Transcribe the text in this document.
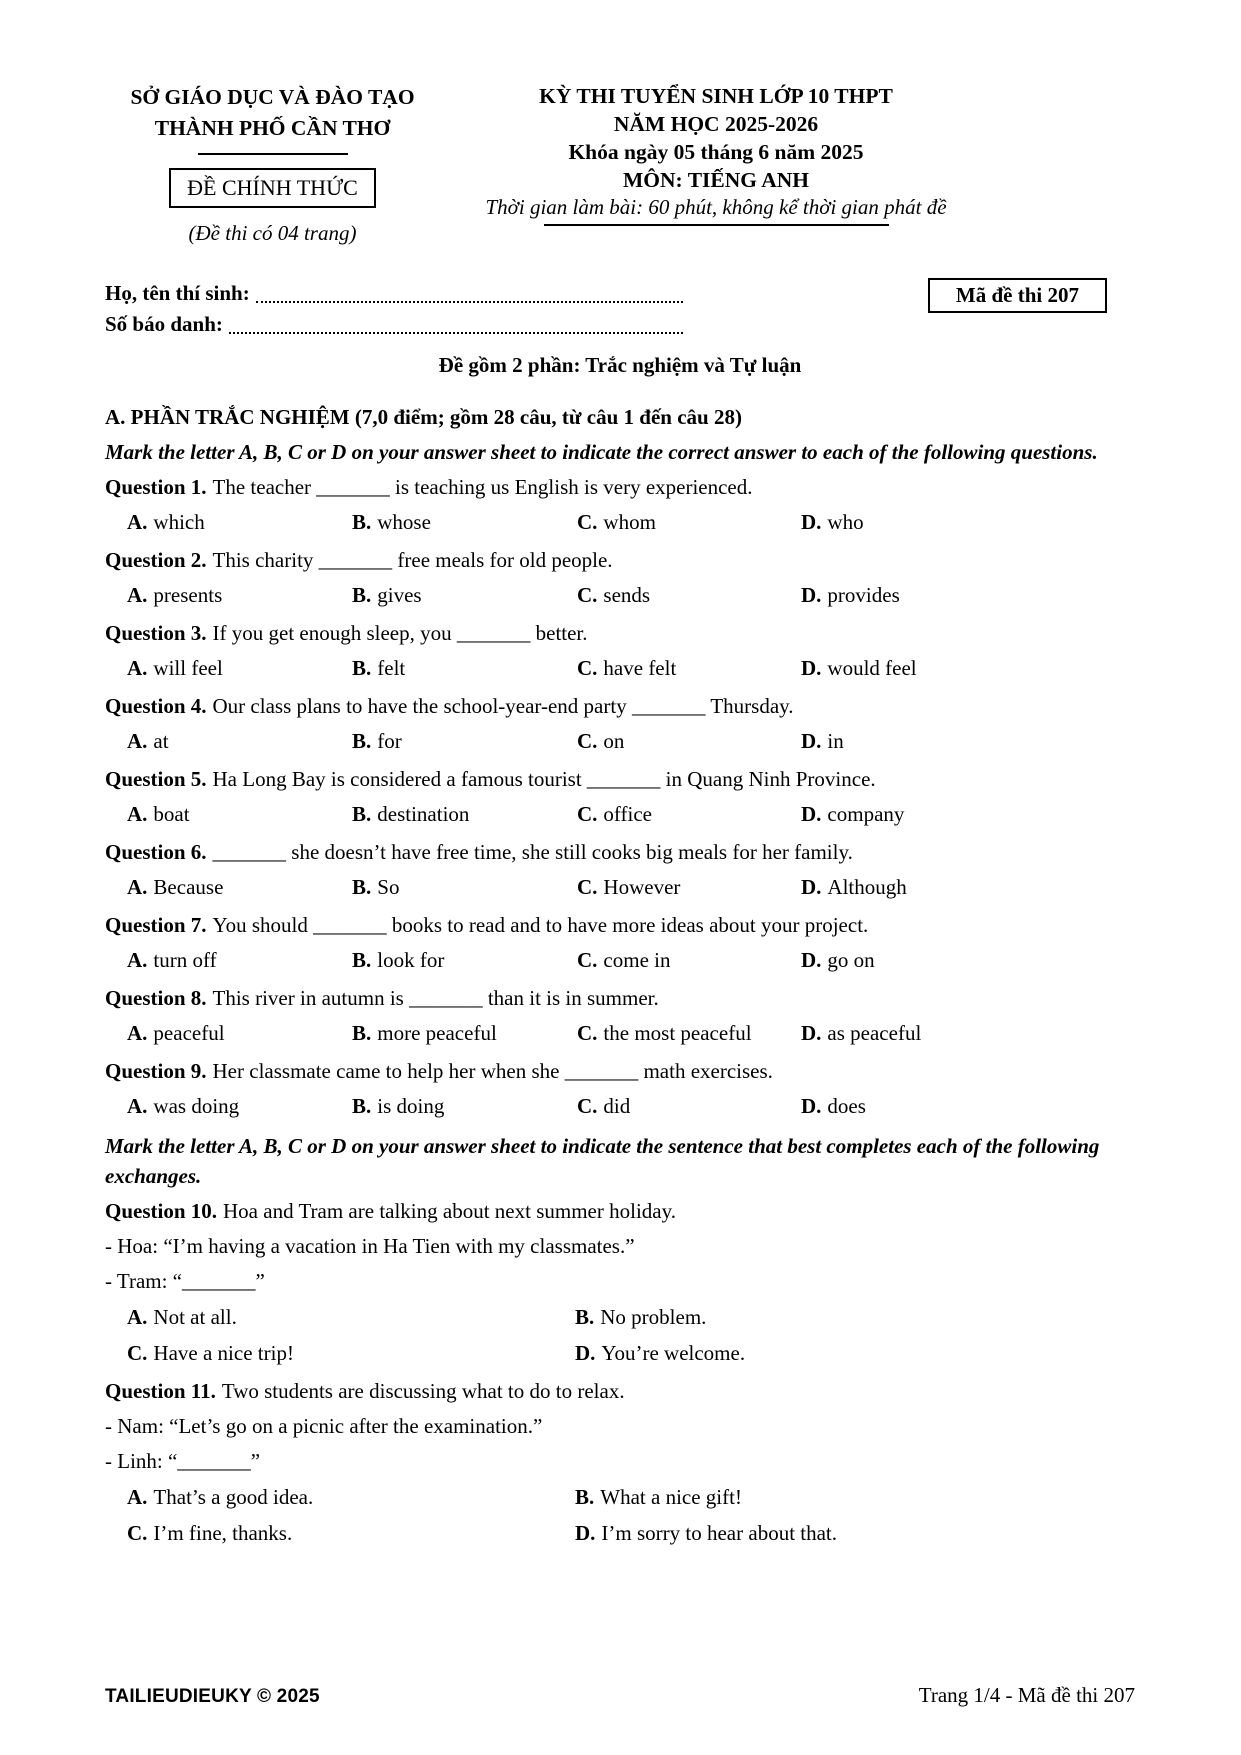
SỞ GIÁO DỤC VÀ ĐÀO TẠO
THÀNH PHỐ CẦN THƠ
ĐỀ CHÍNH THỨC
(Đề thi có 04 trang)
KỲ THI TUYỂN SINH LỚP 10 THPT
NĂM HỌC 2025-2026
Khóa ngày 05 tháng 6 năm 2025
MÔN: TIẾNG ANH
Thời gian làm bài: 60 phút, không kể thời gian phát đề
Họ, tên thí sinh:
Số báo danh:
Mã đề thi 207
Đề gồm 2 phần: Trắc nghiệm và Tự luận
A. PHẦN TRẮC NGHIỆM (7,0 điểm; gồm 28 câu, từ câu 1 đến câu 28)
Mark the letter A, B, C or D on your answer sheet to indicate the correct answer to each of the following questions.
Question 1. The teacher _______ is teaching us English is very experienced.
A. which	B. whose	C. whom	D. who
Question 2. This charity _______ free meals for old people.
A. presents	B. gives	C. sends	D. provides
Question 3. If you get enough sleep, you _______ better.
A. will feel	B. felt	C. have felt	D. would feel
Question 4. Our class plans to have the school-year-end party _______ Thursday.
A. at	B. for	C. on	D. in
Question 5. Ha Long Bay is considered a famous tourist _______ in Quang Ninh Province.
A. boat	B. destination	C. office	D. company
Question 6. _______ she doesn’t have free time, she still cooks big meals for her family.
A. Because	B. So	C. However	D. Although
Question 7. You should _______ books to read and to have more ideas about your project.
A. turn off	B. look for	C. come in	D. go on
Question 8. This river in autumn is _______ than it is in summer.
A. peaceful	B. more peaceful	C. the most peaceful	D. as peaceful
Question 9. Her classmate came to help her when she _______ math exercises.
A. was doing	B. is doing	C. did	D. does
Mark the letter A, B, C or D on your answer sheet to indicate the sentence that best completes each of the following exchanges.
Question 10. Hoa and Tram are talking about next summer holiday.
- Hoa: “I’m having a vacation in Ha Tien with my classmates.”
- Tram: “_______”
A. Not at all.	B. No problem.
C. Have a nice trip!	D. You’re welcome.
Question 11. Two students are discussing what to do to relax.
- Nam: “Let’s go on a picnic after the examination.”
- Linh: “_______”
A. That’s a good idea.	B. What a nice gift!
C. I’m fine, thanks.	D. I’m sorry to hear about that.
TAILIEUDIEUKY © 2025	Trang 1/4 - Mã đề thi 207
